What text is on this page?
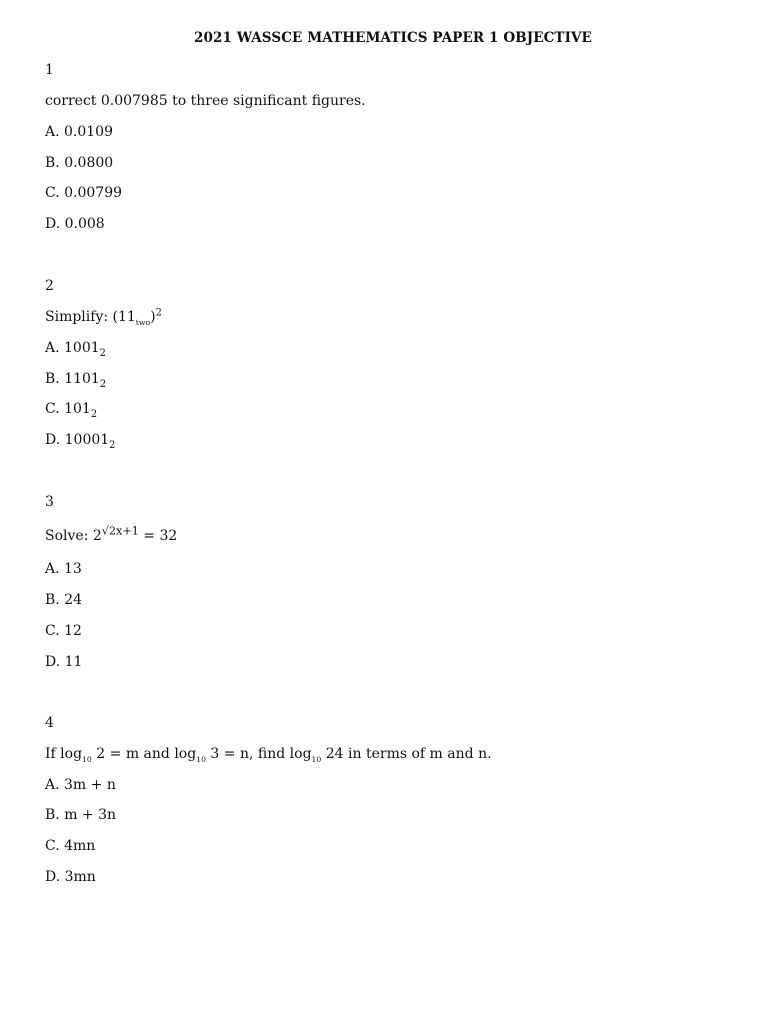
2021 WASSCE MATHEMATICS PAPER 1 OBJECTIVE
1
correct 0.007985 to three significant figures.
A. 0.0109
B. 0.0800
C. 0.00799
D. 0.008
2
Simplify: $(11_{two})^2$
A. $1001_2$
B. $1101_2$
C. $101_2$
D. $10001_2$
3
Solve: $2^{√2x+1} = 32$
A. 13
B. 24
C. 12
D. 11
4
If $\log_{10} 2 = m$ and $\log_{10} 3 = n$, find $\log_{10} 24$ in terms of m and n.
A. 3m + n
B. m + 3n
C. 4mn
D. 3mn
